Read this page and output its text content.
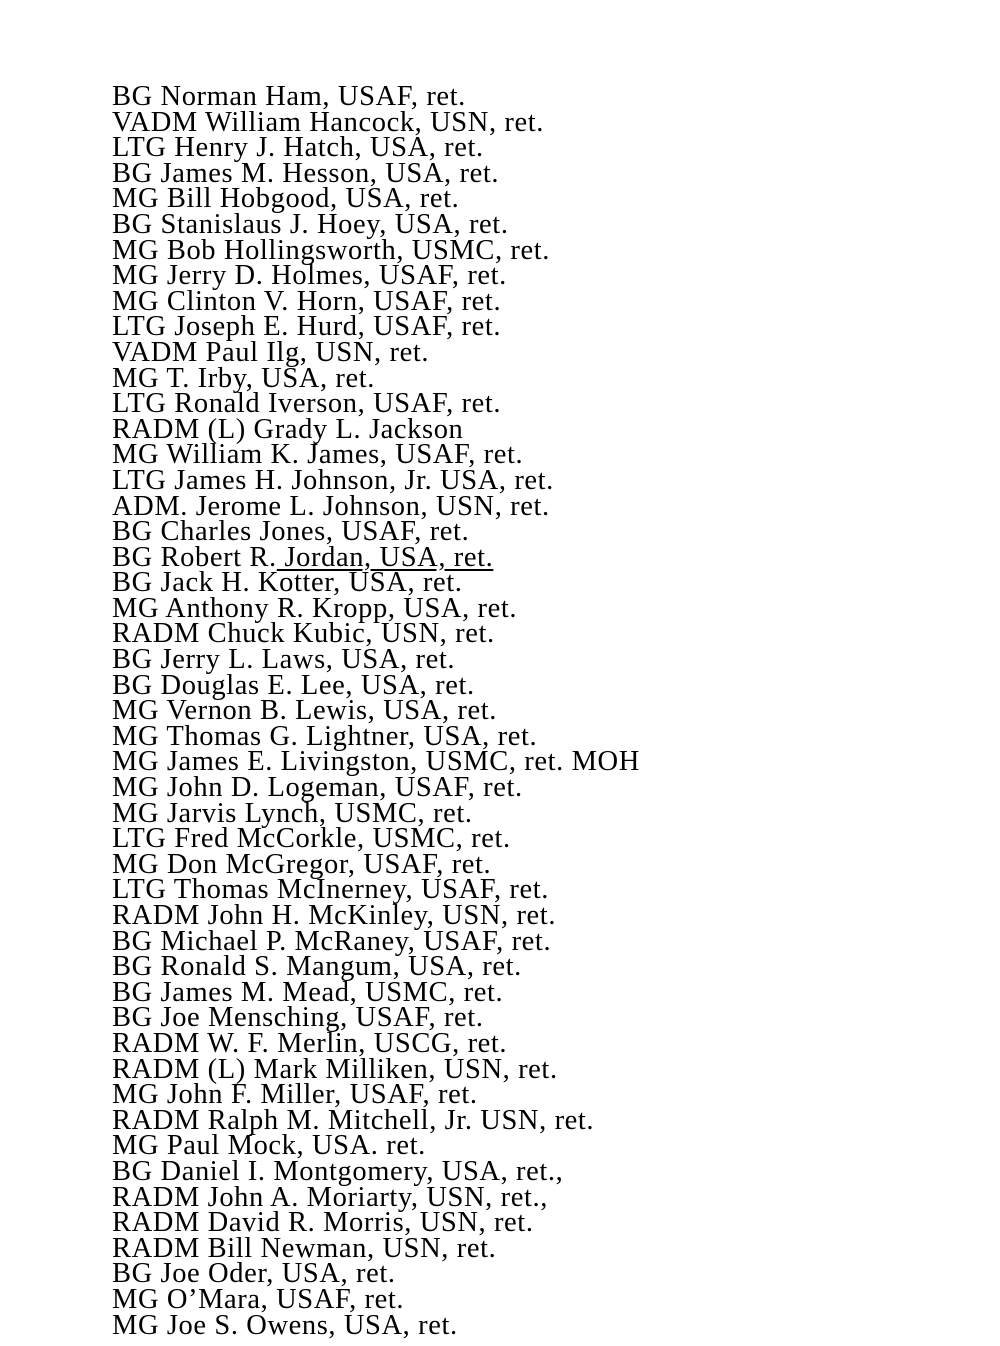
BG Norman Ham, USAF, ret.
VADM William Hancock, USN, ret.
LTG Henry J. Hatch, USA, ret.
BG James M. Hesson, USA, ret.
MG Bill Hobgood, USA, ret.
BG Stanislaus J. Hoey, USA, ret.
MG Bob Hollingsworth, USMC, ret.
MG Jerry D. Holmes, USAF, ret.
MG Clinton V. Horn, USAF, ret.
LTG Joseph E. Hurd, USAF, ret.
VADM Paul Ilg, USN, ret.
MG T. Irby, USA, ret.
LTG Ronald Iverson, USAF, ret.
RADM (L) Grady L. Jackson
MG William K. James, USAF, ret.
LTG James H. Johnson, Jr. USA, ret.
ADM. Jerome L. Johnson, USN, ret.
BG Charles Jones, USAF, ret.
BG Robert R. Jordan, USA, ret.
BG Jack H. Kotter, USA, ret.
MG Anthony R. Kropp, USA, ret.
RADM Chuck Kubic, USN, ret.
BG Jerry L. Laws, USA, ret.
BG Douglas E. Lee, USA, ret.
MG Vernon B. Lewis, USA, ret.
MG Thomas G. Lightner, USA, ret.
MG James E. Livingston, USMC, ret. MOH
MG John D. Logeman, USAF, ret.
MG Jarvis Lynch, USMC, ret.
LTG Fred McCorkle, USMC, ret.
MG Don McGregor, USAF, ret.
LTG Thomas McInerney, USAF, ret.
RADM John H. McKinley, USN, ret.
BG Michael P. McRaney, USAF, ret.
BG Ronald S. Mangum, USA, ret.
BG James M. Mead, USMC, ret.
BG Joe Mensching, USAF, ret.
RADM W. F. Merlin, USCG, ret.
RADM (L) Mark Milliken, USN, ret.
MG John F. Miller, USAF, ret.
RADM Ralph M. Mitchell, Jr. USN, ret.
MG Paul Mock, USA. ret.
BG Daniel I. Montgomery, USA, ret.,
RADM John A. Moriarty, USN, ret.,
RADM David R. Morris, USN, ret.
RADM Bill Newman, USN, ret.
BG Joe Oder, USA, ret.
MG O’Mara, USAF, ret.
MG Joe S. Owens, USA, ret.
